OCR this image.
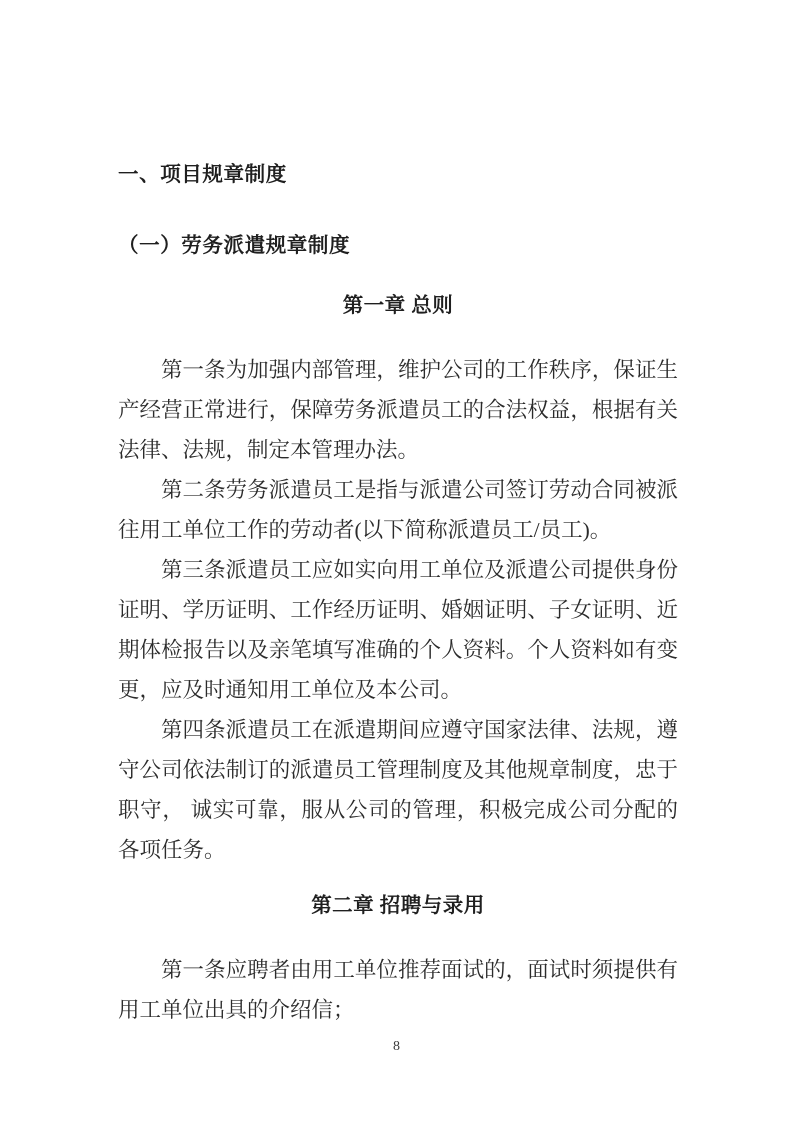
一、项目规章制度
（一）劳务派遣规章制度
第一章 总则

第一条为加强内部管理，维护公司的工作秩序，保证生产经营正常进行，保障劳务派遣员工的合法权益，根据有关法律、法规，制定本管理办法。

第二条劳务派遣员工是指与派遣公司签订劳动合同被派往用工单位工作的劳动者(以下简称派遣员工/员工)。

第三条派遣员工应如实向用工单位及派遣公司提供身份证明、学历证明、工作经历证明、婚姻证明、子女证明、近期体检报告以及亲笔填写准确的个人资料。个人资料如有变更，应及时通知用工单位及本公司。

第四条派遣员工在派遣期间应遵守国家法律、法规，遵守公司依法制订的派遣员工管理制度及其他规章制度，忠于职守， 诚实可靠，服从公司的管理，积极完成公司分配的各项任务。

第二章 招聘与录用

第一条应聘者由用工单位推荐面试的，面试时须提供有用工单位出具的介绍信；

8
